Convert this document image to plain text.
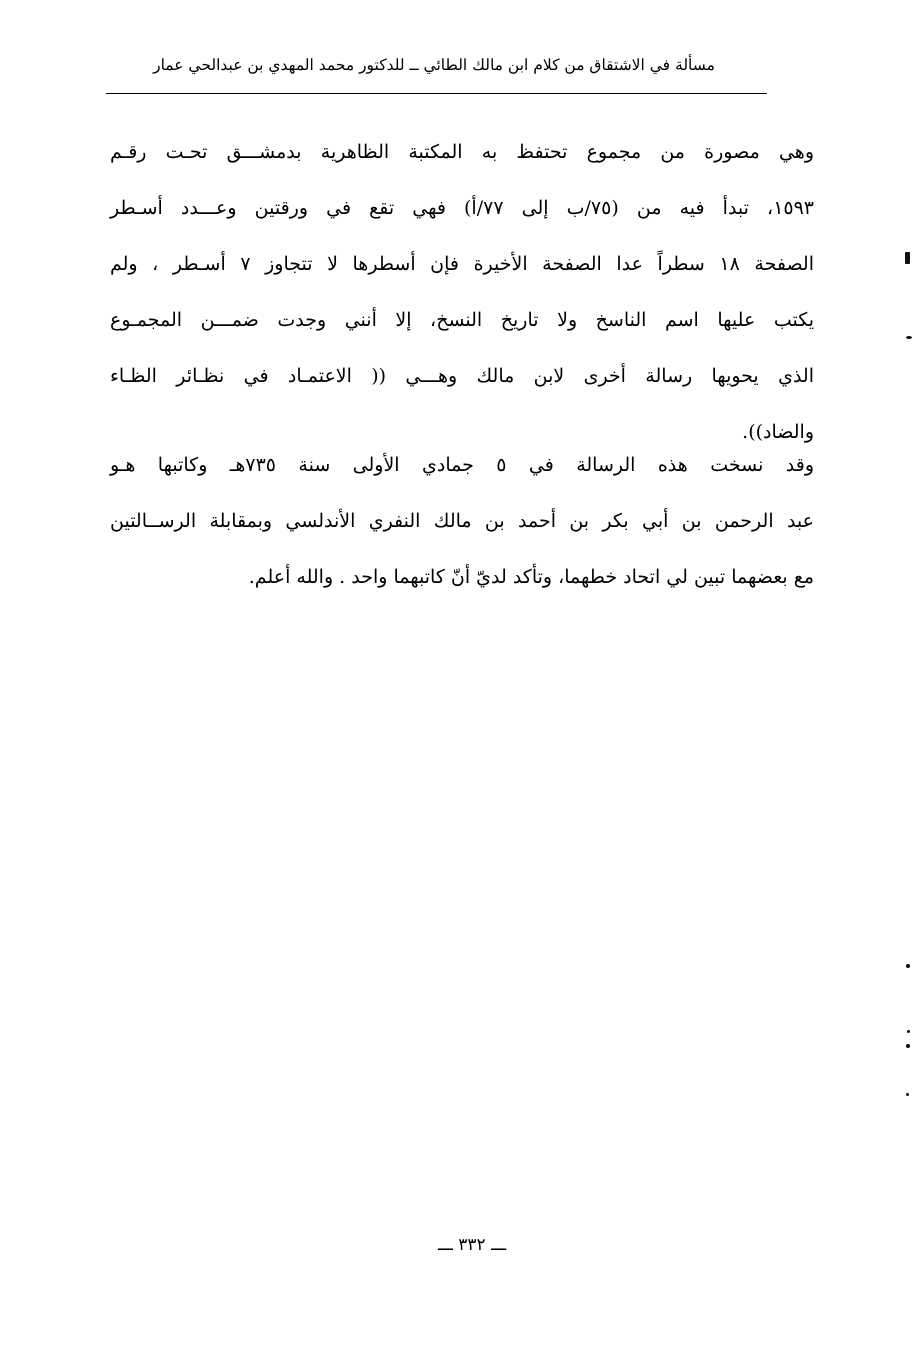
مسألة في الاشتقاق من كلام ابن مالك الطائي ــ للدكتور محمد المهدي بن عبدالحي عمار
وهي مصورة من مجموع تحتفظ به المكتبة الظاهرية بدمشـــق تحـت رقـم
١٥٩٣، تبدأ فيه من (٧٥/ب إلى ٧٧/أ) فهي تقع في ورقتين وعـــدد أسـطر
الصفحة ١٨ سطراً عدا الصفحة الأخيرة فإن أسطرها لا تتجاوز ٧ أسـطر ، ولم
يكتب عليها اسم الناسخ ولا تاريخ النسخ، إلا أنني وجدت ضمـــن المجمـوع
الذي يحويها رسالة أخرى لابن مالك وهـــي (( الاعتمـاد في نظـائر الظـاء
والضاد)).
وقد نسخت هذه الرسالة في ٥ جمادي الأولى سنة ٧٣٥هـ وكاتبها هـو
عبد الرحمن بن أبي بكر بن أحمد بن مالك النفري الأندلسي وبمقابلة الرســالتين
مع بعضهما تبين لي اتحاد خطهما، وتأكد لديّ أنّ كاتبهما واحد . والله أعلم.
ـــ ٣٣٢ ـــ
